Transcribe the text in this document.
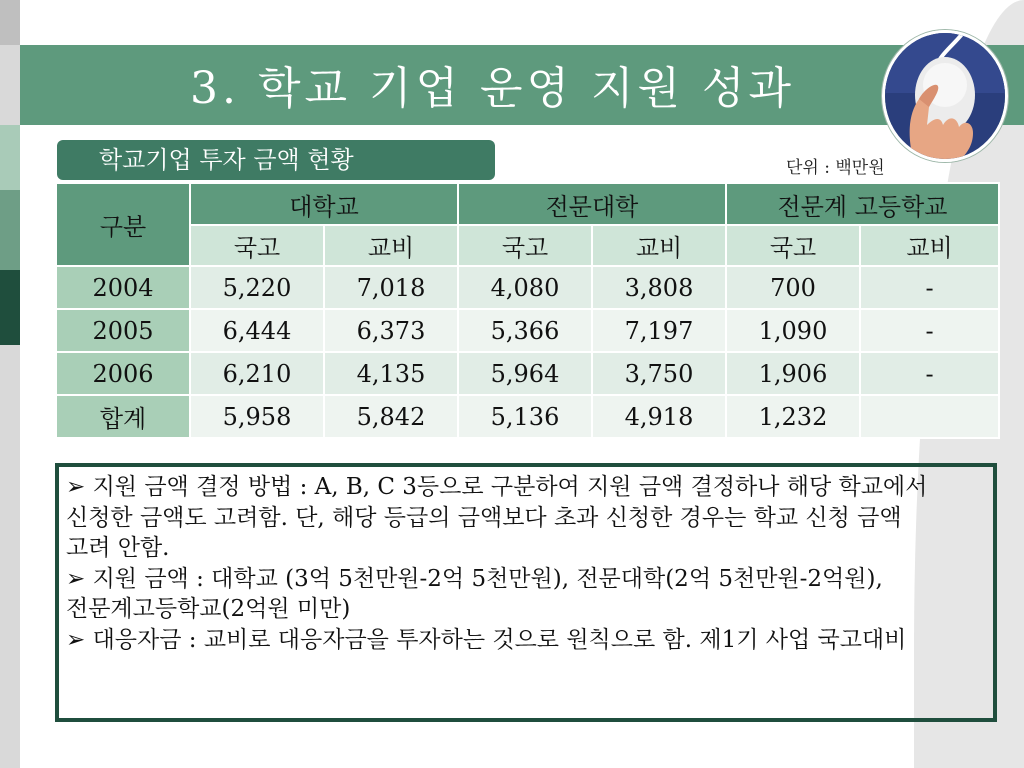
3. 학교 기업 운영 지원 성과
학교기업 투자 금액 현황	단위 : 백만원
구분	대학교		전문대학		전문계 고등학교	
	국고	교비	국고	교비	국고	교비
2004	5,220	7,018	4,080	3,808	700	-
2005	6,444	6,373	5,366	7,197	1,090	-
2006	6,210	4,135	5,964	3,750	1,906	-
합계	5,958	5,842	5,136	4,918	1,232	
➢ 지원 금액 결정 방법 : A, B, C 3등으로 구분하여 지원 금액 결정하나 해당 학교에서
신청한 금액도 고려함. 단, 해당 등급의 금액보다 초과 신청한 경우는 학교 신청 금액
고려 안함.
➢ 지원 금액 : 대학교 (3억 5천만원-2억 5천만원), 전문대학(2억 5천만원-2억원),
전문계고등학교(2억원 미만)
➢ 대응자금 : 교비로 대응자금을 투자하는 것으로 원칙으로 함. 제1기 사업 국고대비
